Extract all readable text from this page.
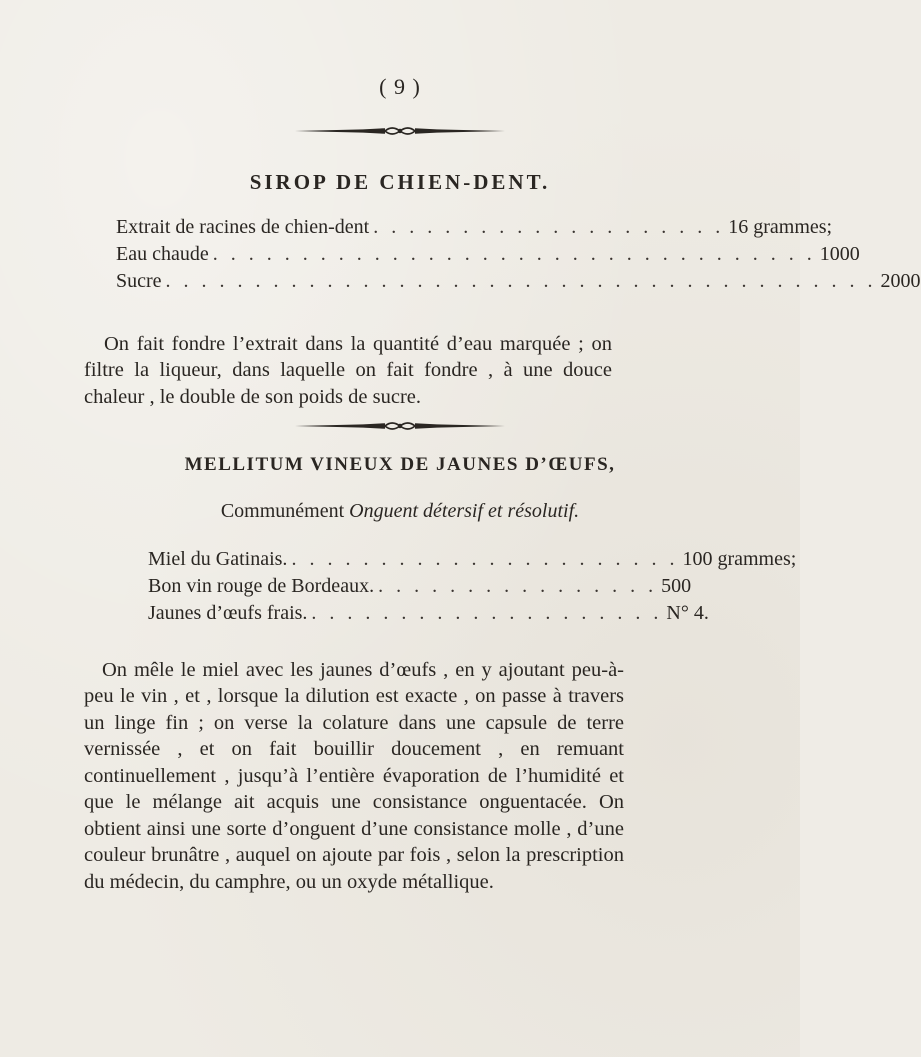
( 9 )
SIROP DE CHIEN-DENT.
Extrait de racines de chien-dent . . . . . . . . . . . . . . . . . . . . 16 grammes;
Eau chaude . . . . . . . . . . . . . . . . . . . . . . . . . . . . . . . . . . 1000
Sucre . . . . . . . . . . . . . . . . . . . . . . . . . . . . . . . . . . . . . . . . 2000

On fait fondre l’extrait dans la quantité d’eau marquée ; on filtre la liqueur, dans laquelle on fait fondre , à une douce chaleur , le double de son poids de sucre.

MELLITUM VINEUX DE JAUNES D’ŒUFS,
Communément Onguent détersif et résolutif.
Miel du Gatinais. . . . . . . . . . . . . . . . . . . . . . . 100 grammes;
Bon vin rouge de Bordeaux. . . . . . . . . . . . . . . . . 500
Jaunes d’œufs frais. . . . . . . . . . . . . . . . . . . . . N° 4.

On mêle le miel avec les jaunes d’œufs , en y ajoutant peu-à-peu le vin , et , lorsque la dilution est exacte , on passe à travers un linge fin ; on verse la colature dans une capsule de terre vernissée , et on fait bouillir doucement , en remuant continuellement , jusqu’à l’entière évaporation de l’humidité et que le mélange ait acquis une consistance onguentacée. On obtient ainsi une sorte d’onguent d’une consistance molle , d’une couleur brunâtre , auquel on ajoute par fois , selon la prescription du médecin, du camphre, ou un oxyde métallique.
